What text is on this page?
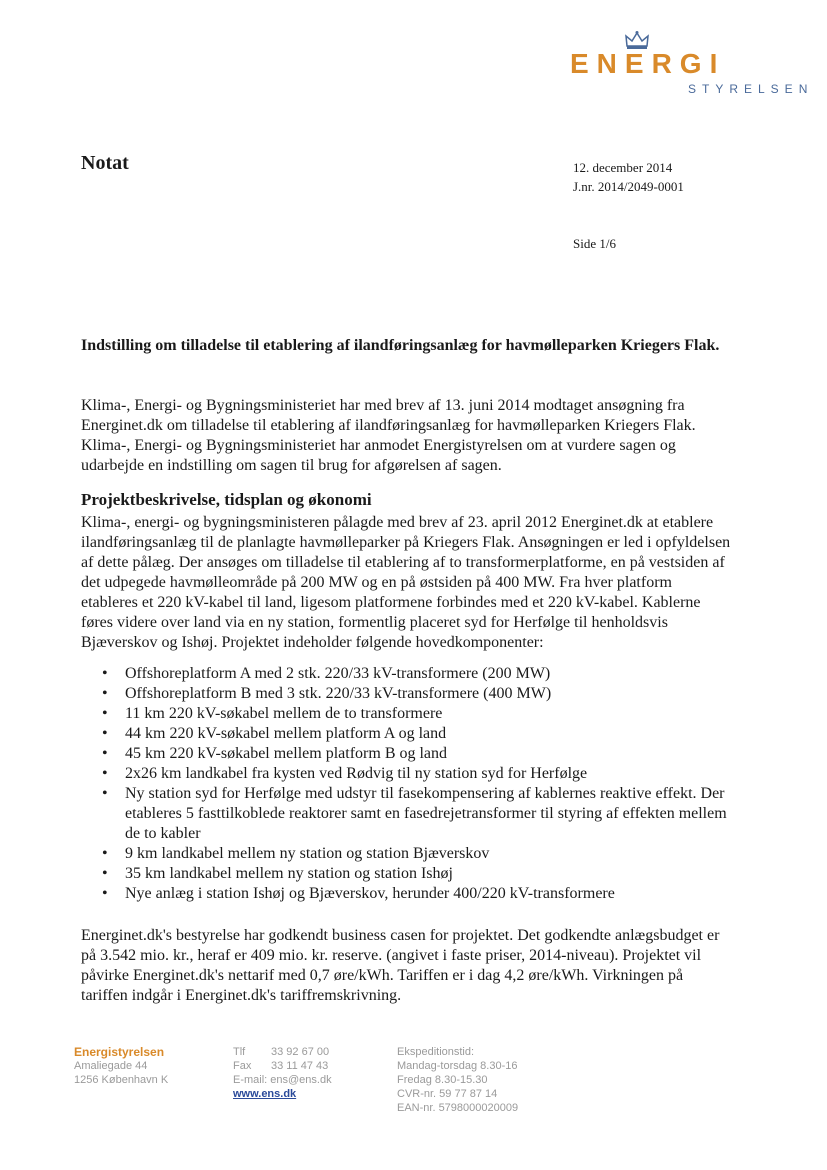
ENERGI
STYRELSEN
Notat	12. december 2014
J.nr. 2014/2049-0001
Side 1/6
Indstilling om tilladelse til etablering af ilandføringsanlæg for havmølleparken Kriegers Flak.

Klima-, Energi- og Bygningsministeriet har med brev af 13. juni 2014 modtaget ansøgning fra Energinet.dk om tilladelse til etablering af ilandføringsanlæg for havmølleparken Kriegers Flak. Klima-, Energi- og Bygningsministeriet har anmodet Energistyrelsen om at vurdere sagen og udarbejde en indstilling om sagen til brug for afgørelsen af sagen.

Projektbeskrivelse, tidsplan og økonomi

Klima-, energi- og bygningsministeren pålagde med brev af 23. april 2012 Energinet.dk at etablere ilandføringsanlæg til de planlagte havmølleparker på Kriegers Flak. Ansøgningen er led i opfyldelsen af dette pålæg. Der ansøges om tilladelse til etablering af to transformerplatforme, en på vestsiden af det udpegede havmølleområde på 200 MW og en på østsiden på 400 MW. Fra hver platform etableres et 220 kV-kabel til land, ligesom platformene forbindes med et 220 kV-kabel. Kablerne føres videre over land via en ny station, formentlig placeret syd for Herfølge til henholdsvis Bjæverskov og Ishøj. Projektet indeholder følgende hovedkomponenter:

• Offshoreplatform A med 2 stk. 220/33 kV-transformere (200 MW)
• Offshoreplatform B med 3 stk. 220/33 kV-transformere (400 MW)
• 11 km 220 kV-søkabel mellem de to transformere
• 44 km 220 kV-søkabel mellem platform A og land
• 45 km 220 kV-søkabel mellem platform B og land
• 2x26 km landkabel fra kysten ved Rødvig til ny station syd for Herfølge
• Ny station syd for Herfølge med udstyr til fasekompensering af kablernes reaktive effekt. Der etableres 5 fasttilkoblede reaktorer samt en fasedrejetransformer til styring af effekten mellem de to kabler
• 9 km landkabel mellem ny station og station Bjæverskov
• 35 km landkabel mellem ny station og station Ishøj
• Nye anlæg i station Ishøj og Bjæverskov, herunder 400/220 kV-transformere

Energinet.dk's bestyrelse har godkendt business casen for projektet. Det godkendte anlægsbudget er på 3.542 mio. kr., heraf er 409 mio. kr. reserve. (angivet i faste priser, 2014-niveau). Projektet vil påvirke Energinet.dk's nettarif med 0,7 øre/kWh. Tariffen er i dag 4,2 øre/kWh. Virkningen på tariffen indgår i Energinet.dk's tariffremskrivning.

Energistyrelsen
Amaliegade 44
1256 København K
Tlf 33 92 67 00
Fax 33 11 47 43
E-mail: ens@ens.dk
www.ens.dk
Ekspeditionstid:
Mandag-torsdag 8.30-16
Fredag 8.30-15.30
CVR-nr. 59 77 87 14
EAN-nr. 5798000020009
